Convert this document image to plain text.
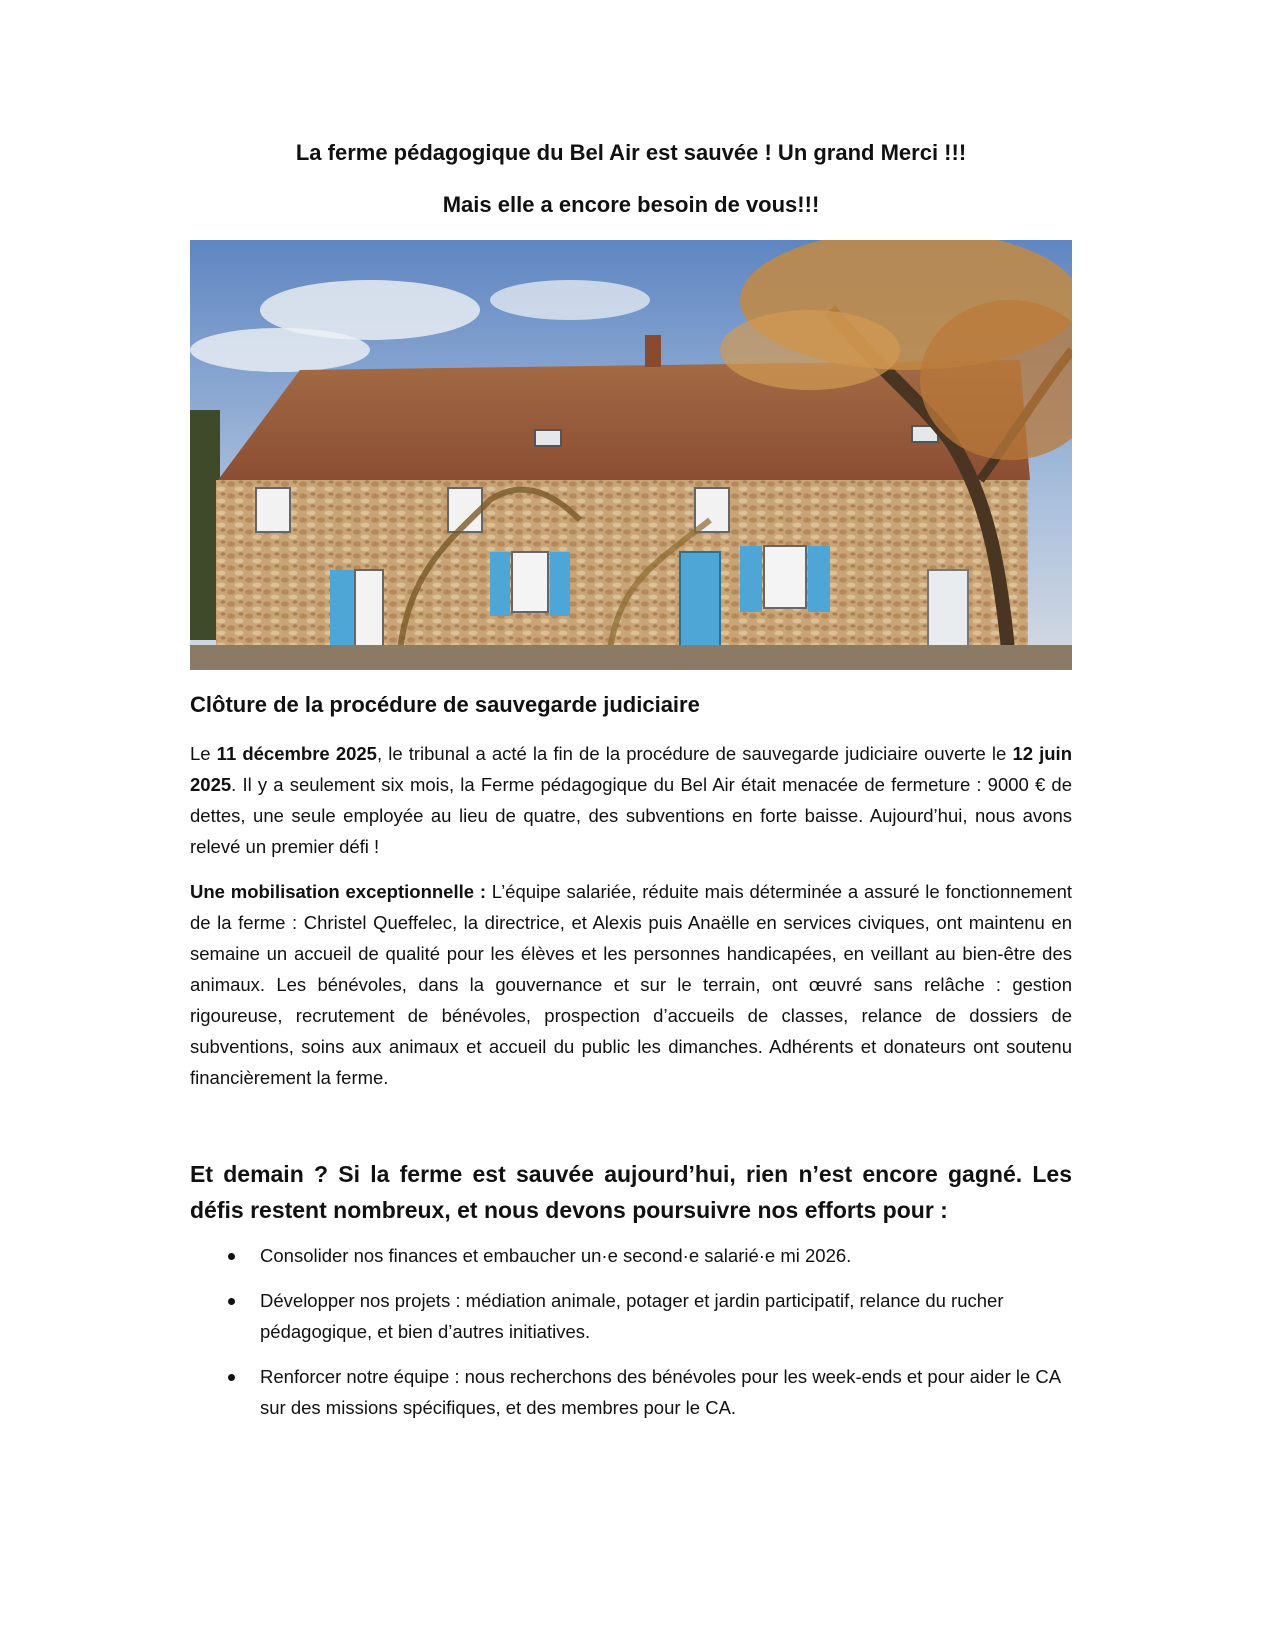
La ferme pédagogique du Bel Air est sauvée ! Un grand Merci !!!
Mais elle a encore besoin de vous!!!
Clôture de la procédure de sauvegarde judiciaire

Le 11 décembre 2025, le tribunal a acté la fin de la procédure de sauvegarde judiciaire ouverte le 12 juin 2025. Il y a seulement six mois, la Ferme pédagogique du Bel Air était menacée de fermeture : 9000 € de dettes, une seule employée au lieu de quatre, des subventions en forte baisse. Aujourd’hui, nous avons relevé un premier défi !

Une mobilisation exceptionnelle : L’équipe salariée, réduite mais déterminée a assuré le fonctionnement de la ferme : Christel Queffelec, la directrice, et Alexis puis Anaëlle en services civiques, ont maintenu en semaine un accueil de qualité pour les élèves et les personnes handicapées, en veillant au bien-être des animaux. Les bénévoles, dans la gouvernance et sur le terrain, ont œuvré sans relâche : gestion rigoureuse, recrutement de bénévoles, prospection d’accueils de classes, relance de dossiers de subventions, soins aux animaux et accueil du public les dimanches. Adhérents et donateurs ont soutenu financièrement la ferme.

Et demain ? Si la ferme est sauvée aujourd’hui, rien n’est encore gagné. Les défis restent nombreux, et nous devons poursuivre nos efforts pour :
Consolider nos finances et embaucher un·e second·e salarié·e mi 2026.
Développer nos projets : médiation animale, potager et jardin participatif, relance du rucher pédagogique, et bien d’autres initiatives.
Renforcer notre équipe : nous recherchons des bénévoles pour les week-ends et pour aider le CA sur des missions spécifiques, et des membres pour le CA.
